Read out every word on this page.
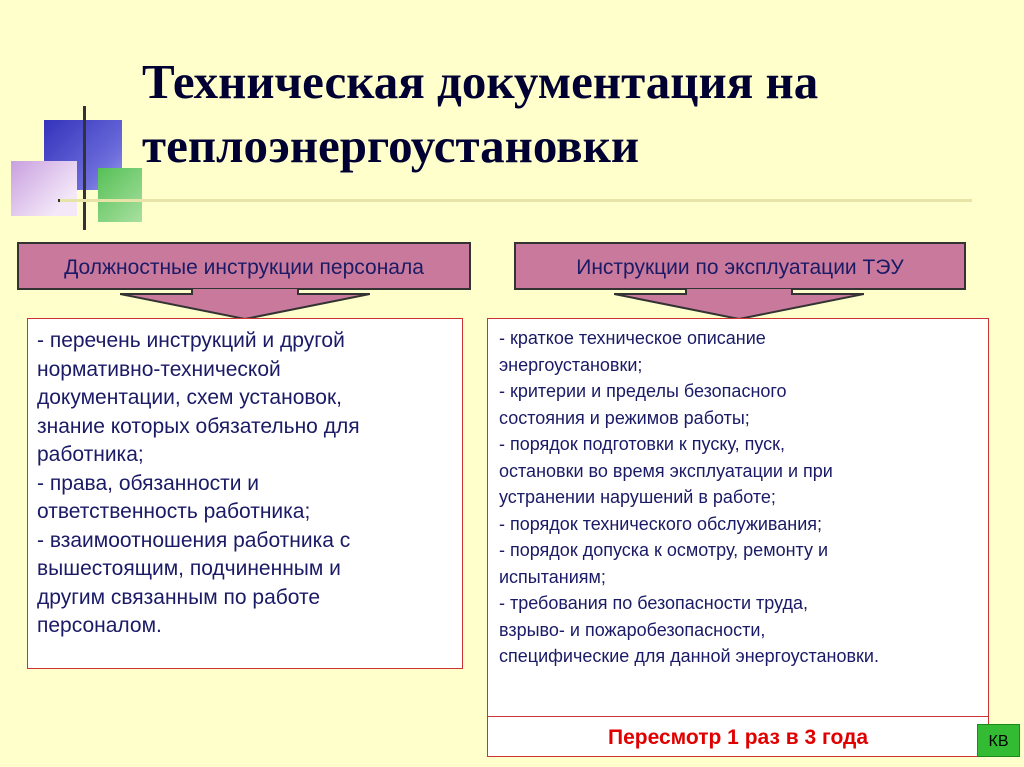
Техническая документация на
теплоэнергоустановки
Должностные инструкции персонала	Инструкции по эксплуатации ТЭУ
- перечень инструкций и другой
нормативно-технической
документации, схем установок,
знание которых обязательно для
работника;
- права, обязанности и
ответственность работника;
- взаимоотношения работника с
вышестоящим, подчиненным и
другим связанным по работе
персоналом.
- краткое техническое описание
энергоустановки;
- критерии и пределы безопасного
состояния и режимов работы;
- порядок подготовки к пуску, пуск,
остановки во время эксплуатации и при
устранении нарушений в работе;
- порядок технического обслуживания;
- порядок допуска к осмотру, ремонту и
испытаниям;
- требования по безопасности труда,
взрыво- и пожаробезопасности,
специфические для данной энергоустановки.
Пересмотр 1 раз в 3 года	КВ
